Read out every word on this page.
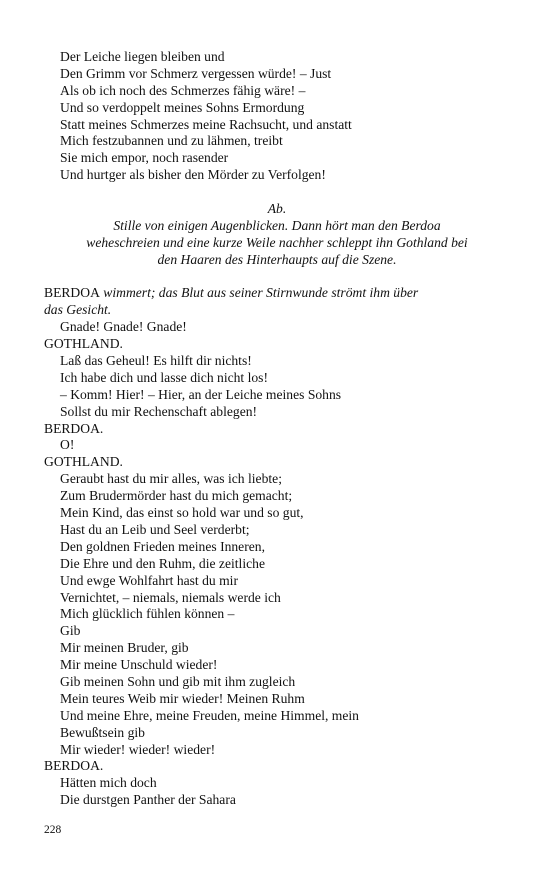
Der Leiche liegen bleiben und
Den Grimm vor Schmerz vergessen würde! – Just
Als ob ich noch des Schmerzes fähig wäre! –
Und so verdoppelt meines Sohns Ermordung
Statt meines Schmerzes meine Rachsucht, und anstatt
Mich festzubannen und zu lähmen, treibt
Sie mich empor, noch rasender
Und hurtger als bisher den Mörder zu Verfolgen!
Ab.
Stille von einigen Augenblicken. Dann hört man den Berdoa
weheschreien und eine kurze Weile nachher schleppt ihn Gothland bei
den Haaren des Hinterhaupts auf die Szene.
BERDOA wimmert; das Blut aus seiner Stirnwunde strömt ihm über
das Gesicht.
Gnade! Gnade! Gnade!
GOTHLAND.
Laß das Geheul! Es hilft dir nichts!
Ich habe dich und lasse dich nicht los!
– Komm! Hier! – Hier, an der Leiche meines Sohns
Sollst du mir Rechenschaft ablegen!
BERDOA.
O!
GOTHLAND.
Geraubt hast du mir alles, was ich liebte;
Zum Brudermörder hast du mich gemacht;
Mein Kind, das einst so hold war und so gut,
Hast du an Leib und Seel verderbt;
Den goldnen Frieden meines Inneren,
Die Ehre und den Ruhm, die zeitliche
Und ewge Wohlfahrt hast du mir
Vernichtet, – niemals, niemals werde ich
Mich glücklich fühlen können –
Gib
Mir meinen Bruder, gib
Mir meine Unschuld wieder!
Gib meinen Sohn und gib mit ihm zugleich
Mein teures Weib mir wieder! Meinen Ruhm
Und meine Ehre, meine Freuden, meine Himmel, mein
Bewußtsein gib
Mir wieder! wieder! wieder!
BERDOA.
Hätten mich doch
Die durstgen Panther der Sahara
228
